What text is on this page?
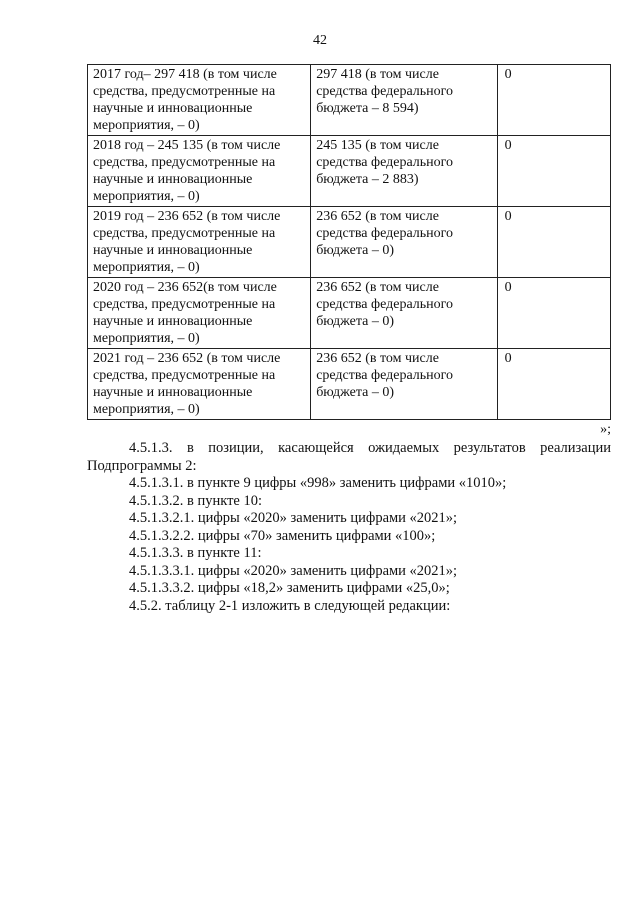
42
2017 год– 297 418 (в том числе
средства, предусмотренные на
научные и инновационные
мероприятия, – 0)	297 418 (в том числе
средства федерального
бюджета – 8 594)	0

2018 год – 245 135 (в том числе
средства, предусмотренные на
научные и инновационные
мероприятия, – 0)	245 135 (в том числе
средства федерального
бюджета – 2 883)	0

2019 год – 236 652 (в том числе
средства, предусмотренные на
научные и инновационные
мероприятия, – 0)	236 652 (в том числе
средства федерального
бюджета – 0)	0

2020 год – 236 652(в том числе
средства, предусмотренные на
научные и инновационные
мероприятия, – 0)	236 652 (в том числе
средства федерального
бюджета – 0)	0

2021 год – 236 652 (в том числе
средства, предусмотренные на
научные и инновационные
мероприятия, – 0)	236 652 (в том числе
средства федерального
бюджета – 0)	0
»;

4.5.1.3. в позиции, касающейся ожидаемых результатов реализации

Подпрограммы 2:

4.5.1.3.1. в пункте 9 цифры «998» заменить цифрами «1010»;

4.5.1.3.2. в пункте 10:

4.5.1.3.2.1. цифры «2020» заменить цифрами «2021»;

4.5.1.3.2.2. цифры «70» заменить цифрами «100»;

4.5.1.3.3. в пункте 11:

4.5.1.3.3.1. цифры «2020» заменить цифрами «2021»;

4.5.1.3.3.2. цифры «18,2» заменить цифрами «25,0»;

4.5.2. таблицу 2-1 изложить в следующей редакции:
